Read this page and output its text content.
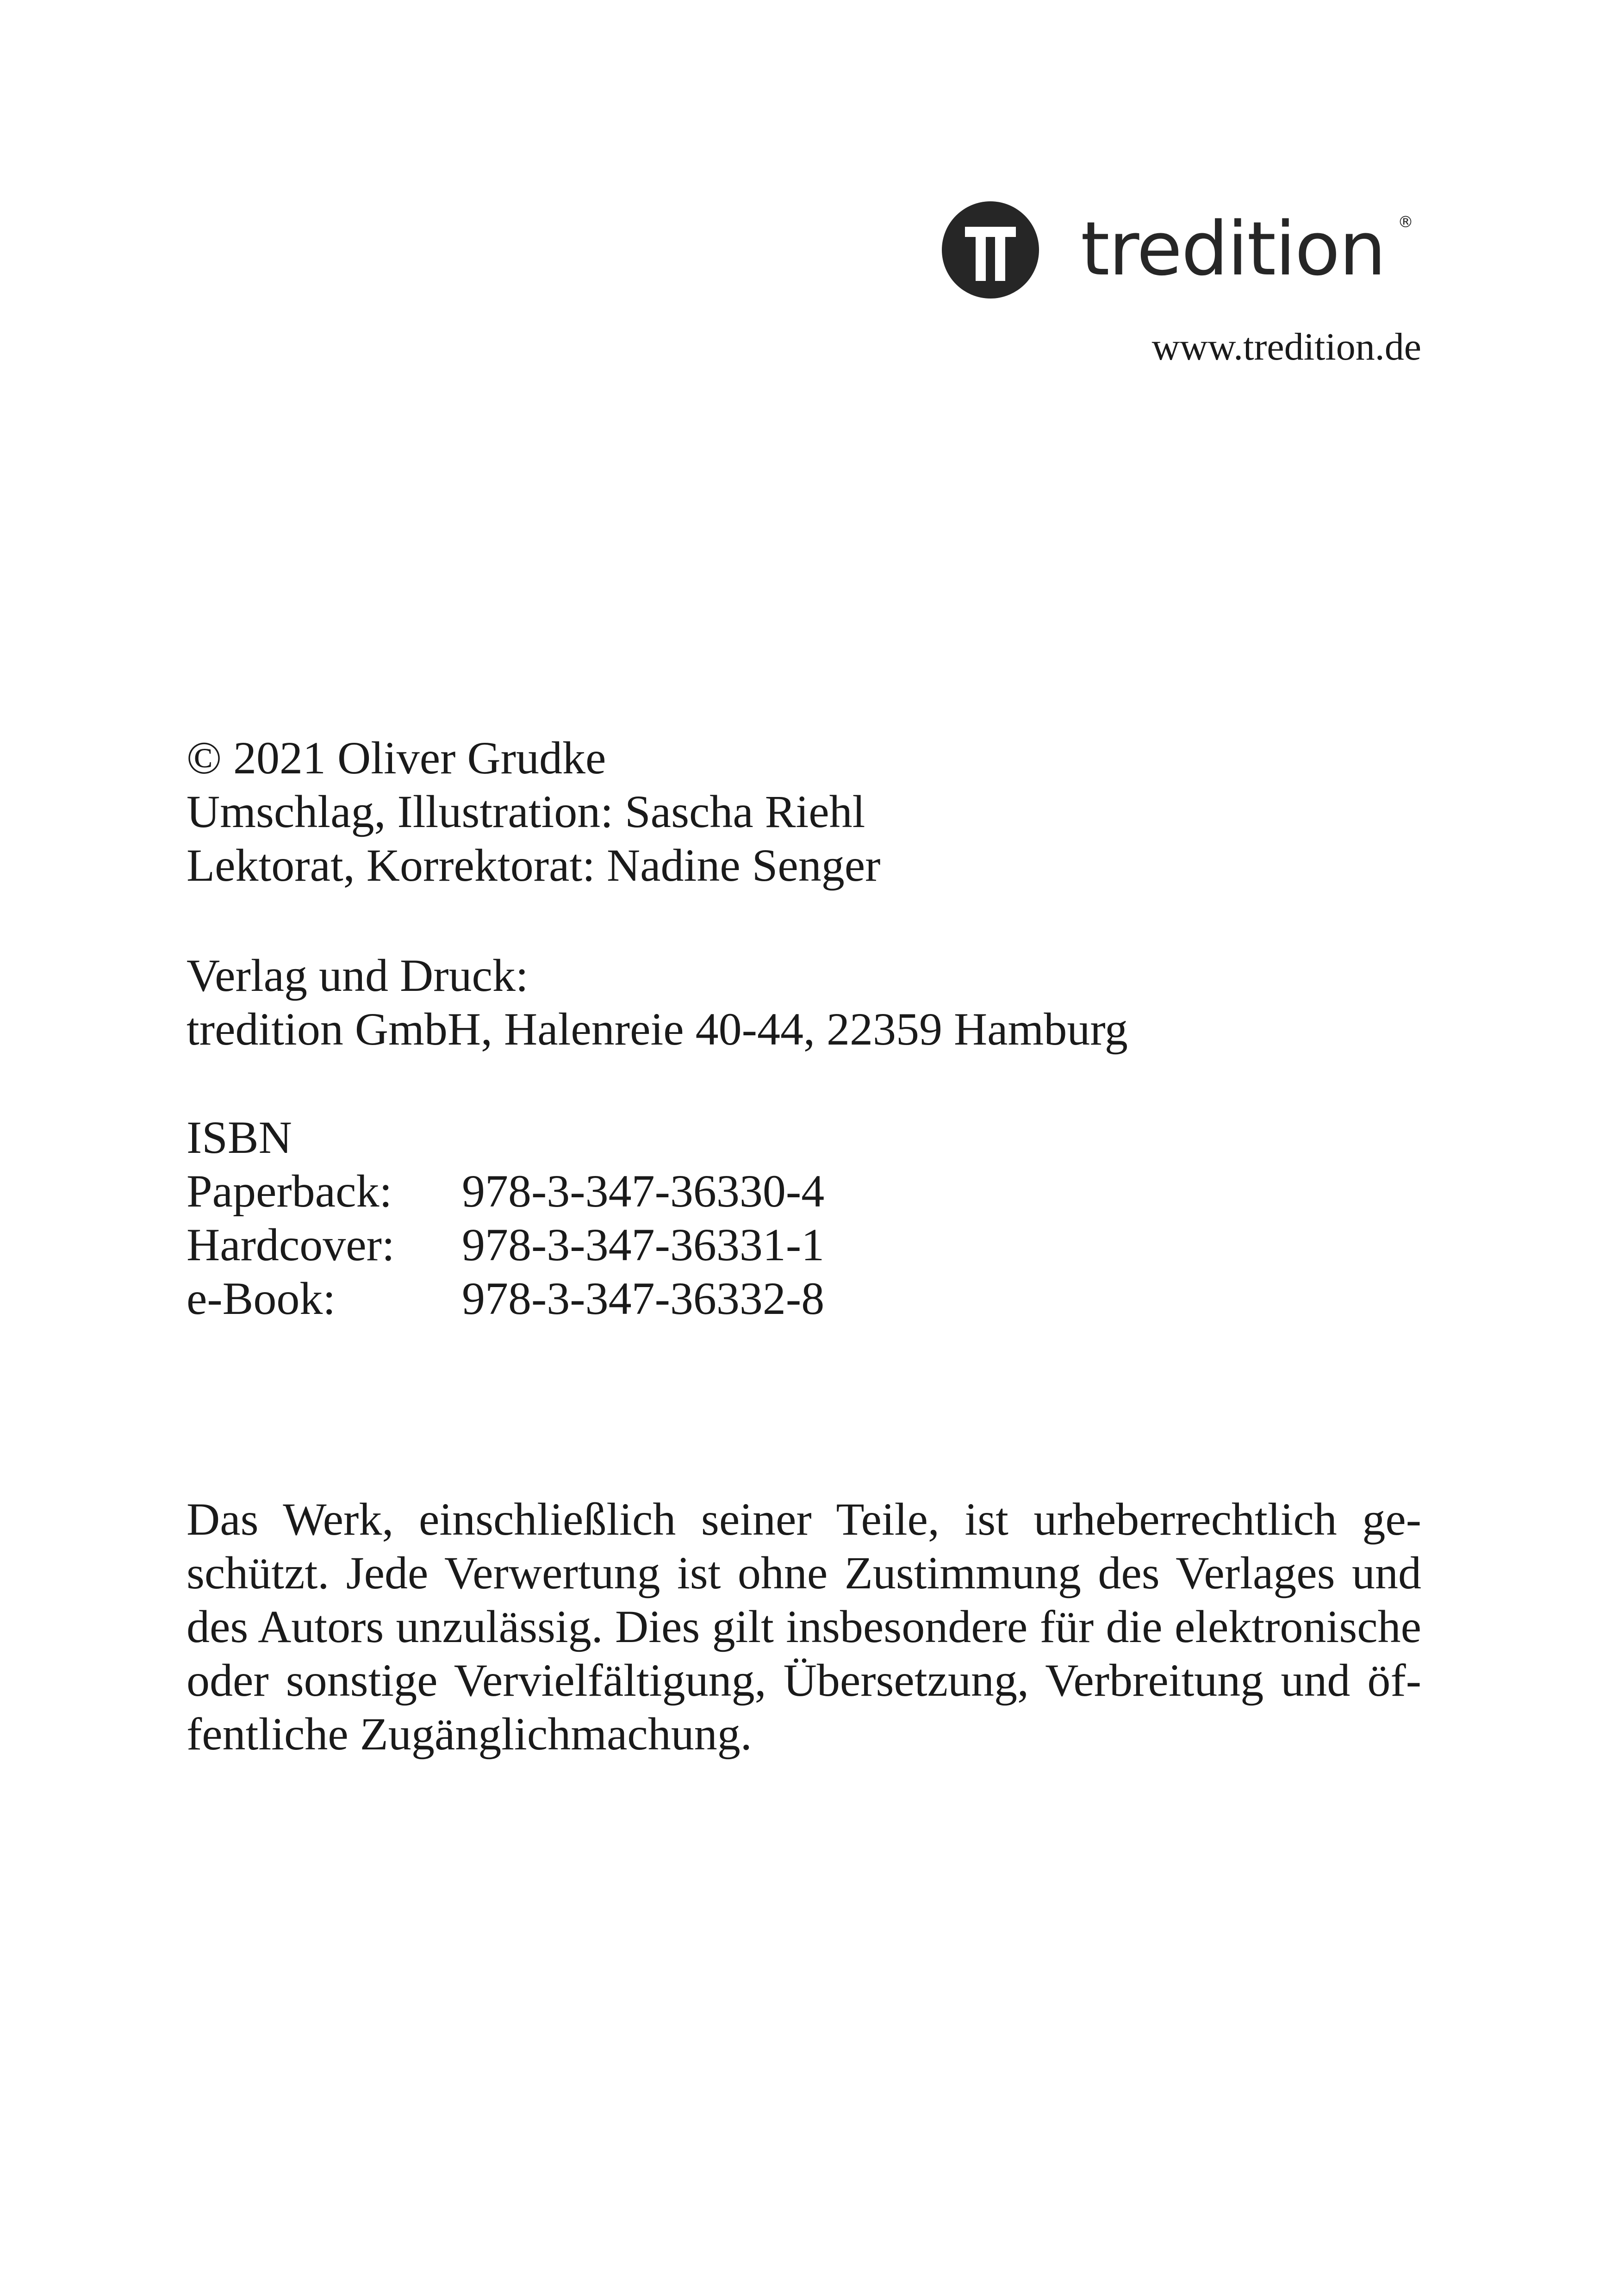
tredition ®
www.tredition.de
© 2021 Oliver Grudke
Umschlag, Illustration: Sascha Riehl
Lektorat, Korrektorat: Nadine Senger
Verlag und Druck:
tredition GmbH, Halenreie 40-44, 22359 Hamburg
ISBN
Paperback:	978-3-347-36330-4
Hardcover:	978-3-347-36331-1
e-Book:	978-3-347-36332-8
Das Werk, einschließlich seiner Teile, ist urheberrechtlich ge-
schützt. Jede Verwertung ist ohne Zustimmung des Verlages und
des Autors unzulässig. Dies gilt insbesondere für die elektronische
oder sonstige Vervielfältigung, Übersetzung, Verbreitung und öf-
fentliche Zugänglichmachung.
